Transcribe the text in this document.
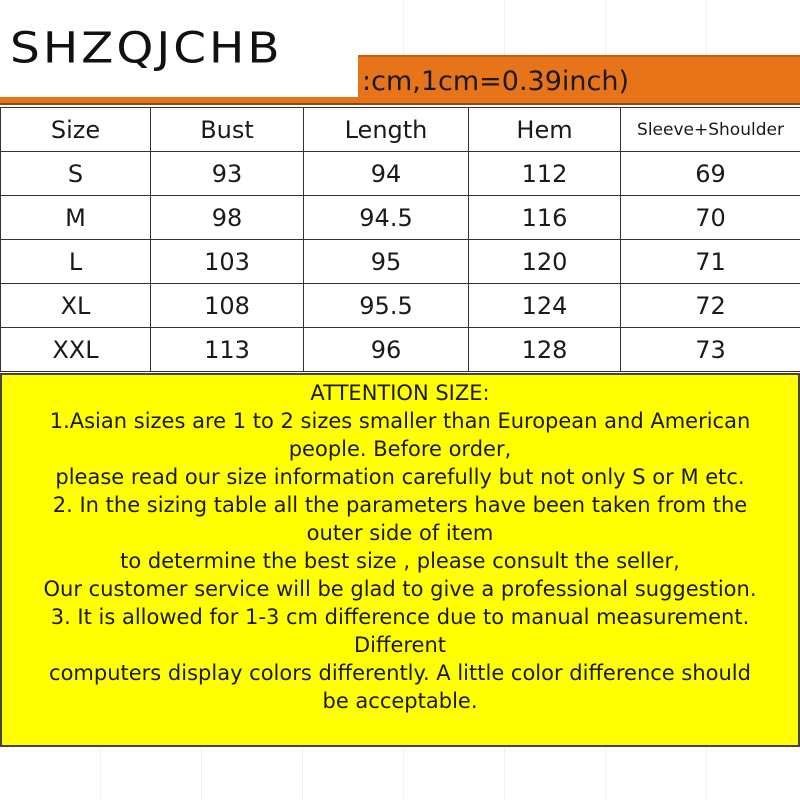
:cm,1cm=0.39inch)
SHZQJCHB
Size	Bust	Length	Hem	Sleeve+Shoulder
S	93	94	112	69
M	98	94.5	116	70
L	103	95	120	71
XL	108	95.5	124	72
XXL	113	96	128	73
ATTENTION SIZE:
1.Asian sizes are 1 to 2 sizes smaller than European and American
people. Before order,
please read our size information carefully but not only S or M etc.
2. In the sizing table all the parameters have been taken from the
outer side of item
to determine the best size , please consult the seller,
Our customer service will be glad to give a professional suggestion.
3. It is allowed for 1-3 cm difference due to manual measurement.
Different
computers display colors differently. A little color difference should
be acceptable.
